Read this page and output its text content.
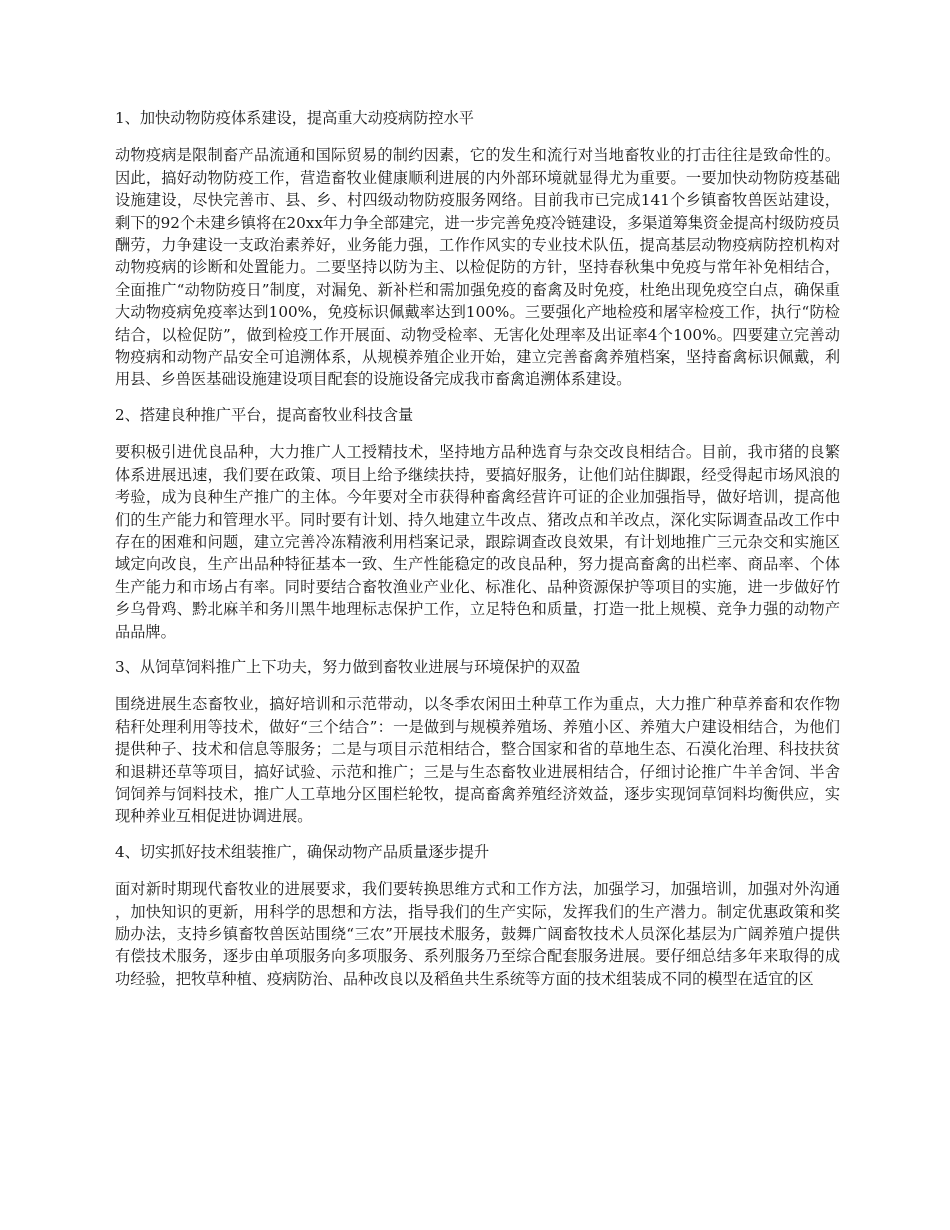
1、加快动物防疫体系建设，提高重大动疫病防控水平

动物疫病是限制畜产品流通和国际贸易的制约因素，它的发生和流行对当地畜牧业的打击往往是致命性的。因此，搞好动物防疫工作，营造畜牧业健康顺利进展的内外部环境就显得尤为重要。一要加快动物防疫基础设施建设，尽快完善市、县、乡、村四级动物防疫服务网络。目前我市已完成141个乡镇畜牧兽医站建设，剩下的92个未建乡镇将在20xx年力争全部建完，进一步完善免疫冷链建设，多渠道筹集资金提高村级防疫员酬劳，力争建设一支政治素养好，业务能力强，工作作风实的专业技术队伍，提高基层动物疫病防控机构对动物疫病的诊断和处置能力。二要坚持以防为主、以检促防的方针，坚持春秋集中免疫与常年补免相结合，全面推广“动物防疫日”制度，对漏免、新补栏和需加强免疫的畜禽及时免疫，杜绝出现免疫空白点，确保重大动物疫病免疫率达到100%，免疫标识佩戴率达到100%。三要强化产地检疫和屠宰检疫工作，执行“防检结合，以检促防”，做到检疫工作开展面、动物受检率、无害化处理率及出证率4个100%。四要建立完善动物疫病和动物产品安全可追溯体系，从规模养殖企业开始，建立完善畜禽养殖档案，坚持畜禽标识佩戴，利用县、乡兽医基础设施建设项目配套的设施设备完成我市畜禽追溯体系建设。

2、搭建良种推广平台，提高畜牧业科技含量

要积极引进优良品种，大力推广人工授精技术，坚持地方品种选育与杂交改良相结合。目前，我市猪的良繁体系进展迅速，我们要在政策、项目上给予继续扶持，要搞好服务，让他们站住脚跟，经受得起市场风浪的考验，成为良种生产推广的主体。今年要对全市获得种畜禽经营许可证的企业加强指导，做好培训，提高他们的生产能力和管理水平。同时要有计划、持久地建立牛改点、猪改点和羊改点，深化实际调查品改工作中存在的困难和问题，建立完善冷冻精液利用档案记录，跟踪调查改良效果，有计划地推广三元杂交和实施区域定向改良，生产出品种特征基本一致、生产性能稳定的改良品种，努力提高畜禽的出栏率、商品率、个体生产能力和市场占有率。同时要结合畜牧渔业产业化、标准化、品种资源保护等项目的实施，进一步做好竹乡乌骨鸡、黔北麻羊和务川黑牛地理标志保护工作，立足特色和质量，打造一批上规模、竞争力强的动物产品品牌。

3、从饲草饲料推广上下功夫，努力做到畜牧业进展与环境保护的双盈

围绕进展生态畜牧业，搞好培训和示范带动，以冬季农闲田土种草工作为重点，大力推广种草养畜和农作物秸秆处理利用等技术，做好“三个结合”：一是做到与规模养殖场、养殖小区、养殖大户建设相结合，为他们提供种子、技术和信息等服务；二是与项目示范相结合，整合国家和省的草地生态、石漠化治理、科技扶贫和退耕还草等项目，搞好试验、示范和推广；三是与生态畜牧业进展相结合，仔细讨论推广牛羊舍饲、半舍饲饲养与饲料技术，推广人工草地分区围栏轮牧，提高畜禽养殖经济效益，逐步实现饲草饲料均衡供应，实现种养业互相促进协调进展。

4、切实抓好技术组装推广，确保动物产品质量逐步提升

面对新时期现代畜牧业的进展要求，我们要转换思维方式和工作方法，加强学习，加强培训，加强对外沟通，加快知识的更新，用科学的思想和方法，指导我们的生产实际，发挥我们的生产潜力。制定优惠政策和奖励办法，支持乡镇畜牧兽医站围绕“三农”开展技术服务，鼓舞广阔畜牧技术人员深化基层为广阔养殖户提供有偿技术服务，逐步由单项服务向多项服务、系列服务乃至综合配套服务进展。要仔细总结多年来取得的成功经验，把牧草种植、疫病防治、品种改良以及稻鱼共生系统等方面的技术组装成不同的模型在适宜的区
